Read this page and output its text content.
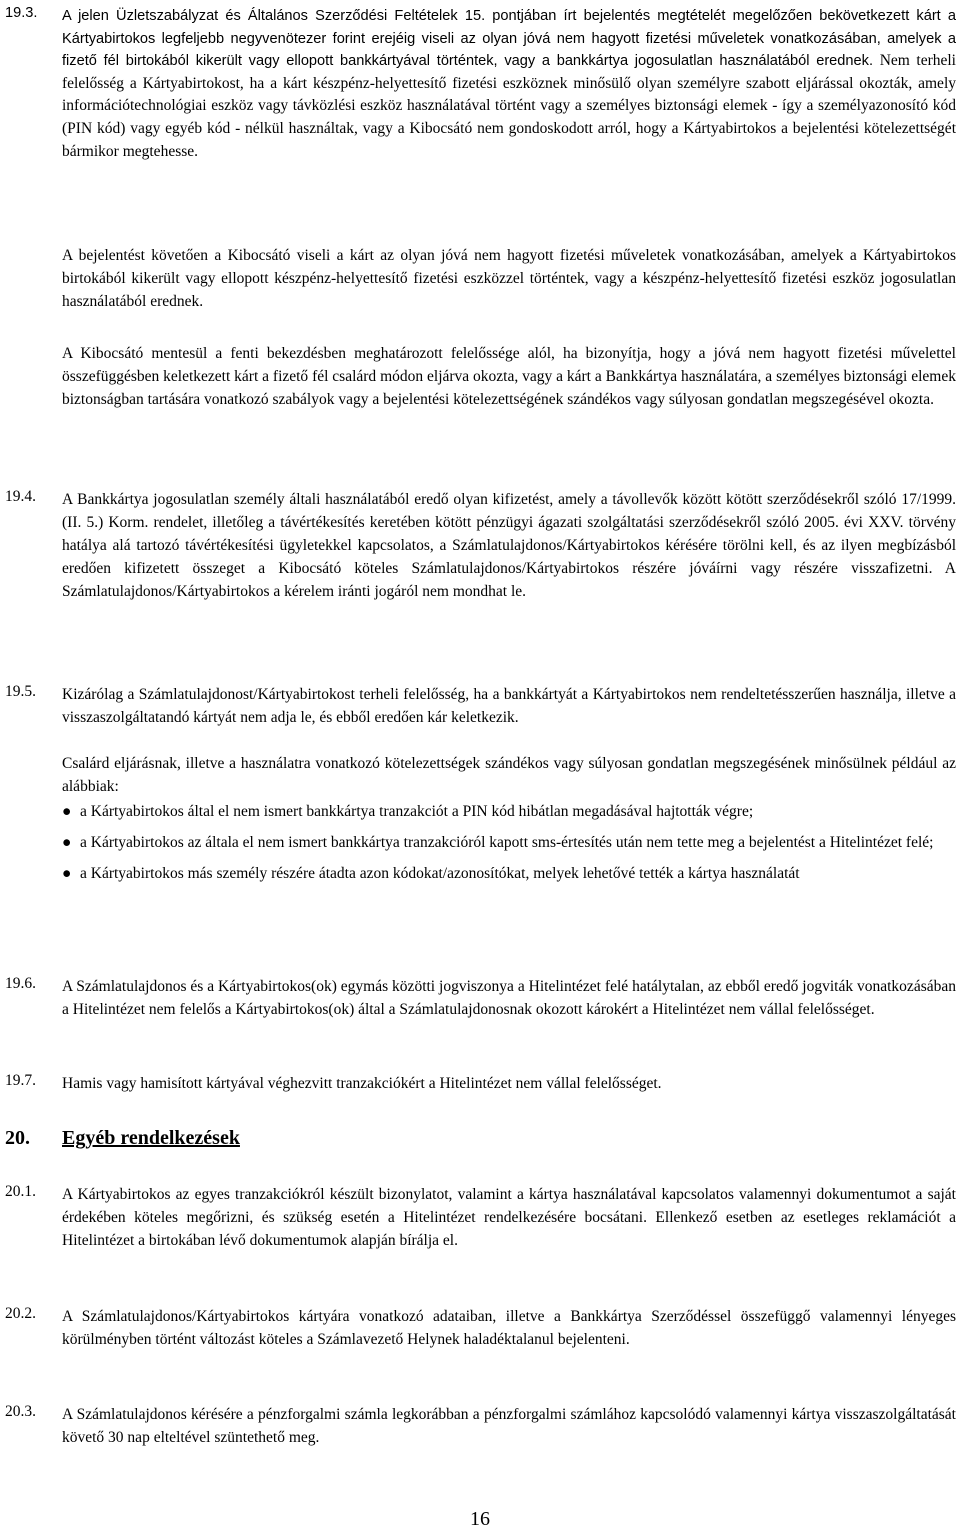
19.3. A jelen Üzletszabályzat és Általános Szerződési Feltételek 15. pontjában írt bejelentés megtételét megelőzően bekövetkezett kárt a Kártyabirtokos legfeljebb negyvenötezer forint erejéig viseli az olyan jóvá nem hagyott fizetési műveletek vonatkozásában, amelyek a fizető fél birtokából kikerült vagy ellopott bankkártyával történtek, vagy a bankkártya jogosulatlan használatából erednek. Nem terheli felelősség a Kártyabirtokost, ha a kárt készpénz-helyettesítő fizetési eszköznek minősülő olyan személyre szabott eljárással okozták, amely információtechnológiai eszköz vagy távközlési eszköz használatával történt vagy a személyes biztonsági elemek - így a személyazonosító kód (PIN kód) vagy egyéb kód - nélkül használtak, vagy a Kibocsátó nem gondoskodott arról, hogy a Kártyabirtokos a bejelentési kötelezettségét bármikor megtehesse.

A bejelentést követően a Kibocsátó viseli a kárt az olyan jóvá nem hagyott fizetési műveletek vonatkozásában, amelyek a Kártyabirtokos birtokából kikerült vagy ellopott készpénz-helyettesítő fizetési eszközzel történtek, vagy a készpénz-helyettesítő fizetési eszköz jogosulatlan használatából erednek.

A Kibocsátó mentesül a fenti bekezdésben meghatározott felelőssége alól, ha bizonyítja, hogy a jóvá nem hagyott fizetési művelettel összefüggésben keletkezett kárt a fizető fél csalárd módon eljárva okozta, vagy a kárt a Bankkártya használatára, a személyes biztonsági elemek biztonságban tartására vonatkozó szabályok vagy a bejelentési kötelezettségének szándékos vagy súlyosan gondatlan megszegésével okozta.

19.4. A Bankkártya jogosulatlan személy általi használatából eredő olyan kifizetést, amely a távollevők között kötött szerződésekről szóló 17/1999. (II. 5.) Korm. rendelet, illetőleg a távértékesítés keretében kötött pénzügyi ágazati szolgáltatási szerződésekről szóló 2005. évi XXV. törvény hatálya alá tartozó távértékesítési ügyletekkel kapcsolatos, a Számlatulajdonos/Kártyabirtokos kérésére törölni kell, és az ilyen megbízásból eredően kifizetett összeget a Kibocsátó köteles Számlatulajdonos/Kártyabirtokos részére jóváírni vagy részére visszafizetni. A Számlatulajdonos/Kártyabirtokos a kérelem iránti jogáról nem mondhat le.

19.5. Kizárólag a Számlatulajdonost/Kártyabirtokost terheli felelősség, ha a bankkártyát a Kártyabirtokos nem rendeltetésszerűen használja, illetve a visszaszolgáltatandó kártyát nem adja le, és ebből eredően kár keletkezik.

Csalárd eljárásnak, illetve a használatra vonatkozó kötelezettségek szándékos vagy súlyosan gondatlan megszegésének minősülnek például az alábbiak:

● a Kártyabirtokos által el nem ismert bankkártya tranzakciót a PIN kód hibátlan megadásával hajtották végre;
● a Kártyabirtokos az általa el nem ismert bankkártya tranzakcióról kapott sms-értesítés után nem tette meg a bejelentést a Hitelintézet felé;
● a Kártyabirtokos más személy részére átadta azon kódokat/azonosítókat, melyek lehetővé tették a kártya használatát
19.6. A Számlatulajdonos és a Kártyabirtokos(ok) egymás közötti jogviszonya a Hitelintézet felé hatálytalan, az ebből eredő jogviták vonatkozásában a Hitelintézet nem felelős a Kártyabirtokos(ok) által a Számlatulajdonosnak okozott károkért a Hitelintézet nem vállal felelősséget.

19.7. Hamis vagy hamisított kártyával véghezvitt tranzakciókért a Hitelintézet nem vállal felelősséget.

20. Egyéb rendelkezések
20.1. A Kártyabirtokos az egyes tranzakciókról készült bizonylatot, valamint a kártya használatával kapcsolatos valamennyi dokumentumot a saját érdekében köteles megőrizni, és szükség esetén a Hitelintézet rendelkezésére bocsátani. Ellenkező esetben az esetleges reklamációt a Hitelintézet a birtokában lévő dokumentumok alapján bírálja el.

20.2. A Számlatulajdonos/Kártyabirtokos kártyára vonatkozó adataiban, illetve a Bankkártya Szerződéssel összefüggő valamennyi lényeges körülményben történt változást köteles a Számlavezető Helynek haladéktalanul bejelenteni.

20.3. A Számlatulajdonos kérésére a pénzforgalmi számla legkorábban a pénzforgalmi számlához kapcsolódó valamennyi kártya visszaszolgáltatását követő 30 nap elteltével szüntethető meg.

16
